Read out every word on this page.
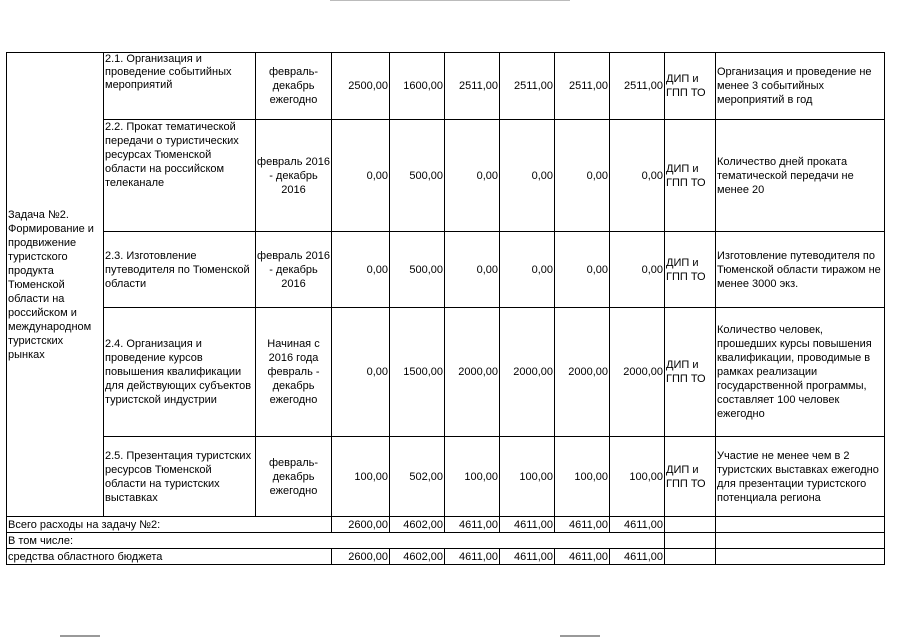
Задача №2. Формирование и продвижение туристского продукта Тюменской области на российском и международном туристских рынках	2.1. Организация и проведение событийных мероприятий	февраль-декабрь ежегодно	2500,00	1600,00	2511,00	2511,00	2511,00	2511,00	ДИП и ГПП ТО	Организация и проведение не менее 3 событийных мероприятий в год
	2.2. Прокат тематической передачи о туристических ресурсах Тюменской области на российском телеканале	февраль 2016 - декабрь 2016	0,00	500,00	0,00	0,00	0,00	0,00	ДИП и ГПП ТО	Количество дней проката тематической передачи не менее 20
	2.3. Изготовление путеводителя по Тюменской области	февраль 2016 - декабрь 2016	0,00	500,00	0,00	0,00	0,00	0,00	ДИП и ГПП ТО	Изготовление путеводителя по Тюменской области тиражом не менее 3000 экз.
	2.4. Организация и проведение курсов повышения квалификации для действующих субъектов туристской индустрии	Начиная с 2016 года февраль - декабрь ежегодно	0,00	1500,00	2000,00	2000,00	2000,00	2000,00	ДИП и ГПП ТО	Количество человек, прошедших курсы повышения квалификации, проводимые в рамках реализации государственной программы, составляет 100 человек ежегодно
	2.5. Презентация туристских ресурсов Тюменской области на туристских выставках	февраль-декабрь ежегодно	100,00	502,00	100,00	100,00	100,00	100,00	ДИП и ГПП ТО	Участие не менее чем в 2 туристских выставках ежегодно для презентации туристского потенциала региона
Всего расходы на задачу №2:			2600,00	4602,00	4611,00	4611,00	4611,00	4611,00		
В том числе:										
средства областного бюджета			2600,00	4602,00	4611,00	4611,00	4611,00	4611,00		
